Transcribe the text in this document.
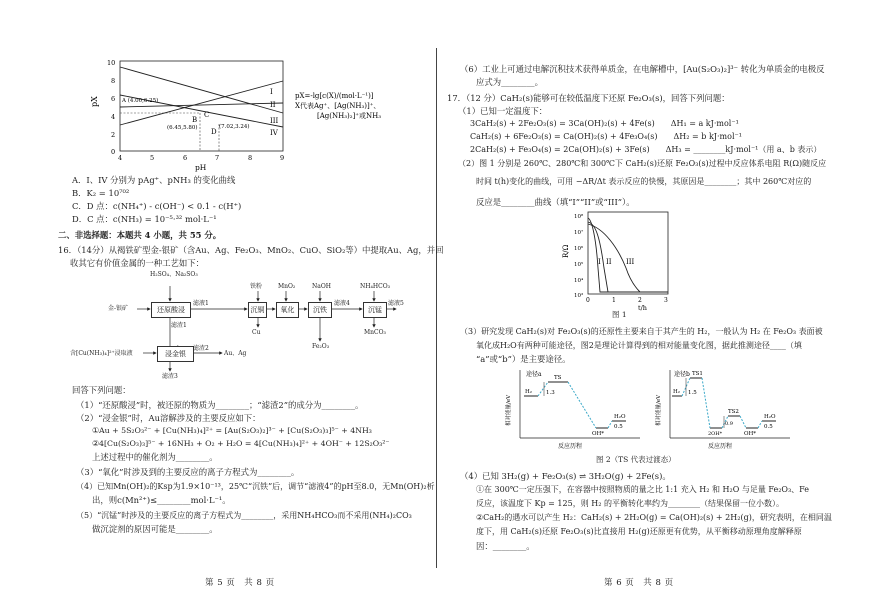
pX
10
8
6
4
2
0
4	5	6	7	8	9
pH
I
II
III
IV
A (4.00,6.25)
B
C
D
(6.45,5.80)	(7.02,3.24)
pX=-lg[c(X)/(mol·L⁻¹)]
X代表Ag⁺、[Ag(NH₃)]⁺、
[Ag(NH₃)₂]⁺或NH₃
A．I、IV 分别为 pAg⁺、pNH₃ 的变化曲线
B．K₂ = 10⁷⁰²
C．D 点：c(NH₄⁺) - c(OH⁻) < 0.1 - c(H⁺)
D．C 点：c(NH₃) = 10⁻⁵·³² mol·L⁻¹
二、非选择题：本题共 4 小题，共 55 分。
16．（14分）从褐铁矿型金-银矿（含Au、Ag、Fe₂O₃、MnO₂、CuO、SiO₂等）中提取Au、Ag，并回
收其它有价值金属的一种工艺如下：
H₂SO₄、Na₂SO₃
铁粉	MnO₂	NaOH	NH₄HCO₃
金-银矿	还原酸浸	沉铜	氧化	沉铁	沉锰
浸金银
滤液1	滤液4	滤液5
滤渣1
滤渣2
滤渣3
Cu
Fe₂O₃
MnCO₃
Au、Ag
含[Cu(NH₃)₄]²⁺浸取液
回答下列问题：
（1）“还原酸浸”时，被还原的物质为________；“滤渣2”的成分为________。
（2）“浸金银”时，Au溶解涉及的主要反应如下：
①Au + 5S₂O₃²⁻ + [Cu(NH₃)₄]²⁺ = [Au(S₂O₃)₂]³⁻ + [Cu(S₂O₃)₃]⁵⁻ + 4NH₃
②4[Cu(S₂O₃)₃]⁵⁻ + 16NH₃ + O₂ + H₂O = 4[Cu(NH₃)₄]²⁺ + 4OH⁻ + 12S₂O₃²⁻
上述过程中的催化剂为________。
（3）“氧化”时涉及到的主要反应的离子方程式为________。
（4）已知Mn(OH)₂的Ksp为1.9×10⁻¹³，25℃“沉铁”后，调节“滤液4”的pH至8.0，无Mn(OH)₂析
出，则c(Mn²⁺)≤________mol·L⁻¹。
（5）“沉锰”时涉及的主要反应的离子方程式为________，采用NH₄HCO₃而不采用(NH₄)₂CO₃
做沉淀剂的原因可能是________。
第 5 页　共 8 页
（6）工业上可通过电解沉积技术获得单质金，在电解槽中，[Au(S₂O₃)₂]³⁻ 转化为单质金的电极反
应式为________。
17．（12 分）CaH₂(s)能够可在较低温度下还原 Fe₂O₃(s)，回答下列问题：
（1）已知一定温度下：
3CaH₂(s) + 2Fe₂O₃(s) = 3Ca(OH)₂(s) + 4Fe(s)　　ΔH₁ = a kJ·mol⁻¹
CaH₂(s) + 6Fe₂O₃(s) = Ca(OH)₂(s) + 4Fe₃O₄(s)　　ΔH₂ = b kJ·mol⁻¹
2CaH₂(s) + Fe₃O₄(s) = 2Ca(OH)₂(s) + 3Fe(s)　　ΔH₃ = ________kJ·mol⁻¹（用 a、b 表示）
（2）图 1 分别是 260℃、280℃和 300℃下 CaH₂(s)还原 Fe₂O₃(s)过程中反应体系电阻 R(Ω)随反应
时间 t(h)变化的曲线，可用 −ΔR/Δt 表示反应的快慢，其原因是________；其中 260℃对应的
反应是________曲线（填“I”“II”或“III”）。
R/Ω
10⁸
10⁷
10⁶
10⁵
10⁴
10³
0	1	2	3
t/h
I II III
图 1
（3）研究发现 CaH₂(s)对 Fe₂O₃(s)的还原性主要来自于其产生的 H₂，一般认为 H₂ 在 Fe₂O₃ 表面被
氧化成H₂O有两种可能途径，图2是理论计算得到的相对能量变化图，据此推测途径____（填
“a”或“b”）是主要途径。
相对能量/eV
反应历程
途径a
H₂	1.3
TS
OH*
H₂O
0.5
相对能量/eV
反应历程
途径b
H₂ 1.5
TS1
2OH*
0.9
TS2
OH*
H₂O
0.5
图 2（TS 代表过渡态）
（4）已知 3H₂(g) + Fe₂O₃(s) ⇌ 3H₂O(g) + 2Fe(s)。
①在 300℃一定压强下，在容器中按照物质的量之比 1:1 充入 H₂ 和 H₂O 与足量 Fe₂O₃、Fe
反应，该温度下 Kp = 125，则 H₂ 的平衡转化率约为________（结果保留一位小数）。
②CaH₂的遇水可以产生 H₂：CaH₂(s) + 2H₂O(g) = Ca(OH)₂(s) + 2H₂(g)，研究表明，在相同温
度下，用 CaH₂(s)还原 Fe₂O₃(s)比直接用 H₂(g)还原更有优势，从平衡移动原理角度解释原
因：________。
第 6 页　共 8 页
